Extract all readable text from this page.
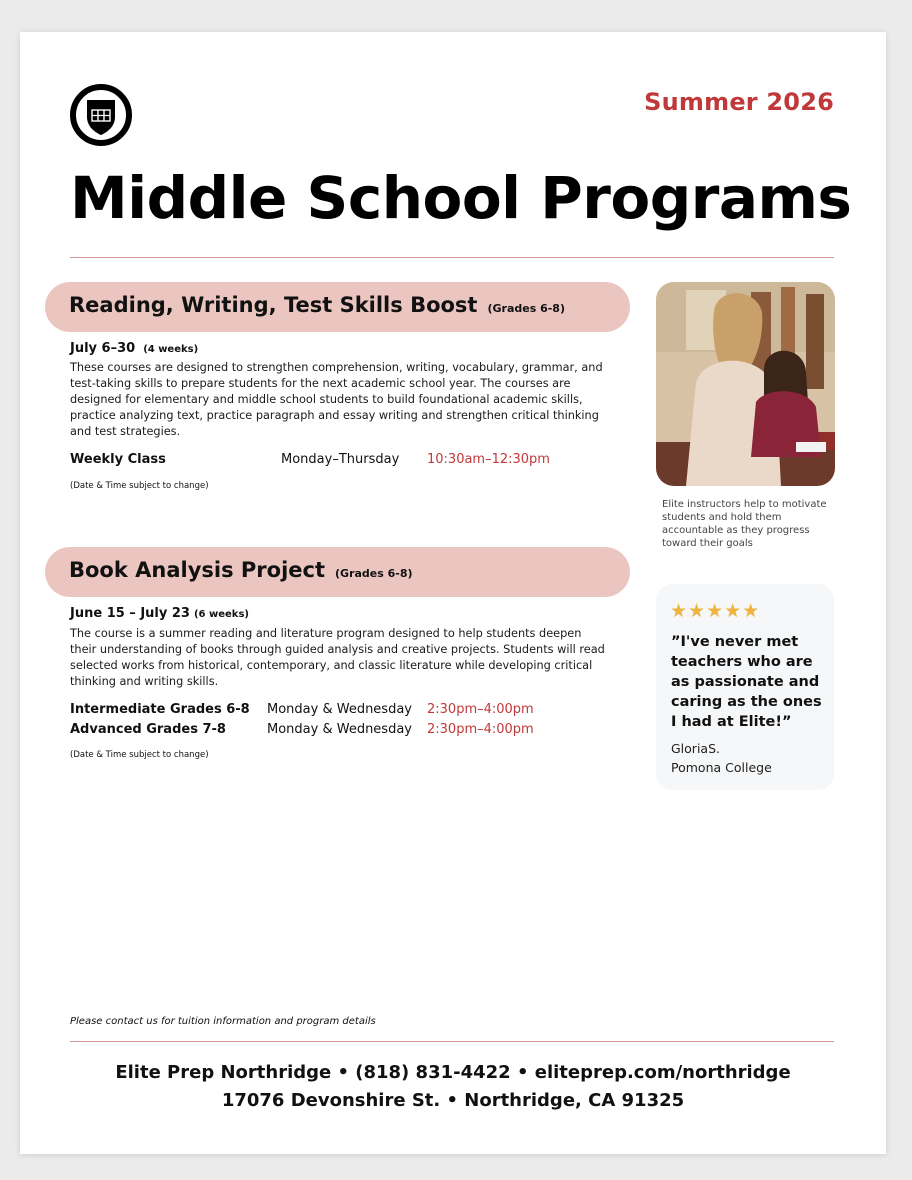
Summer 2026
Middle School Programs
Reading, Writing, Test Skills Boost (Grades 6-8)
July 6–30 (4 weeks)
These courses are designed to strengthen comprehension, writing, vocabulary, grammar, and test-taking skills to prepare students for the next academic school year. The courses are designed for elementary and middle school students to build foundational academic skills, practice analyzing text, practice paragraph and essay writing and strengthen critical thinking and test strategies.
Weekly Class	Monday–Thursday 10:30am–12:30pm
(Date & Time subject to change)
Book Analysis Project (Grades 6-8)
June 15 – July 23 (6 weeks)
The course is a summer reading and literature program designed to help students deepen their understanding of books through guided analysis and creative projects. Students will read selected works from historical, contemporary, and classic literature while developing critical thinking and writing skills.
Intermediate Grades 6-8 Monday & Wednesday 2:30pm–4:00pm
Advanced Grades 7-8	Monday & Wednesday 2:30pm–4:00pm
(Date & Time subject to change)
Elite instructors help to motivate students and hold them accountable as they progress toward their goals
★★★★★
”I've never met teachers who are as passionate and caring as the ones I had at Elite!”
GloriaS.
Pomona College
Please contact us for tuition information and program details
Elite Prep Northridge • (818) 831-4422 • eliteprep.com/northridge
17076 Devonshire St. • Northridge, CA 91325
